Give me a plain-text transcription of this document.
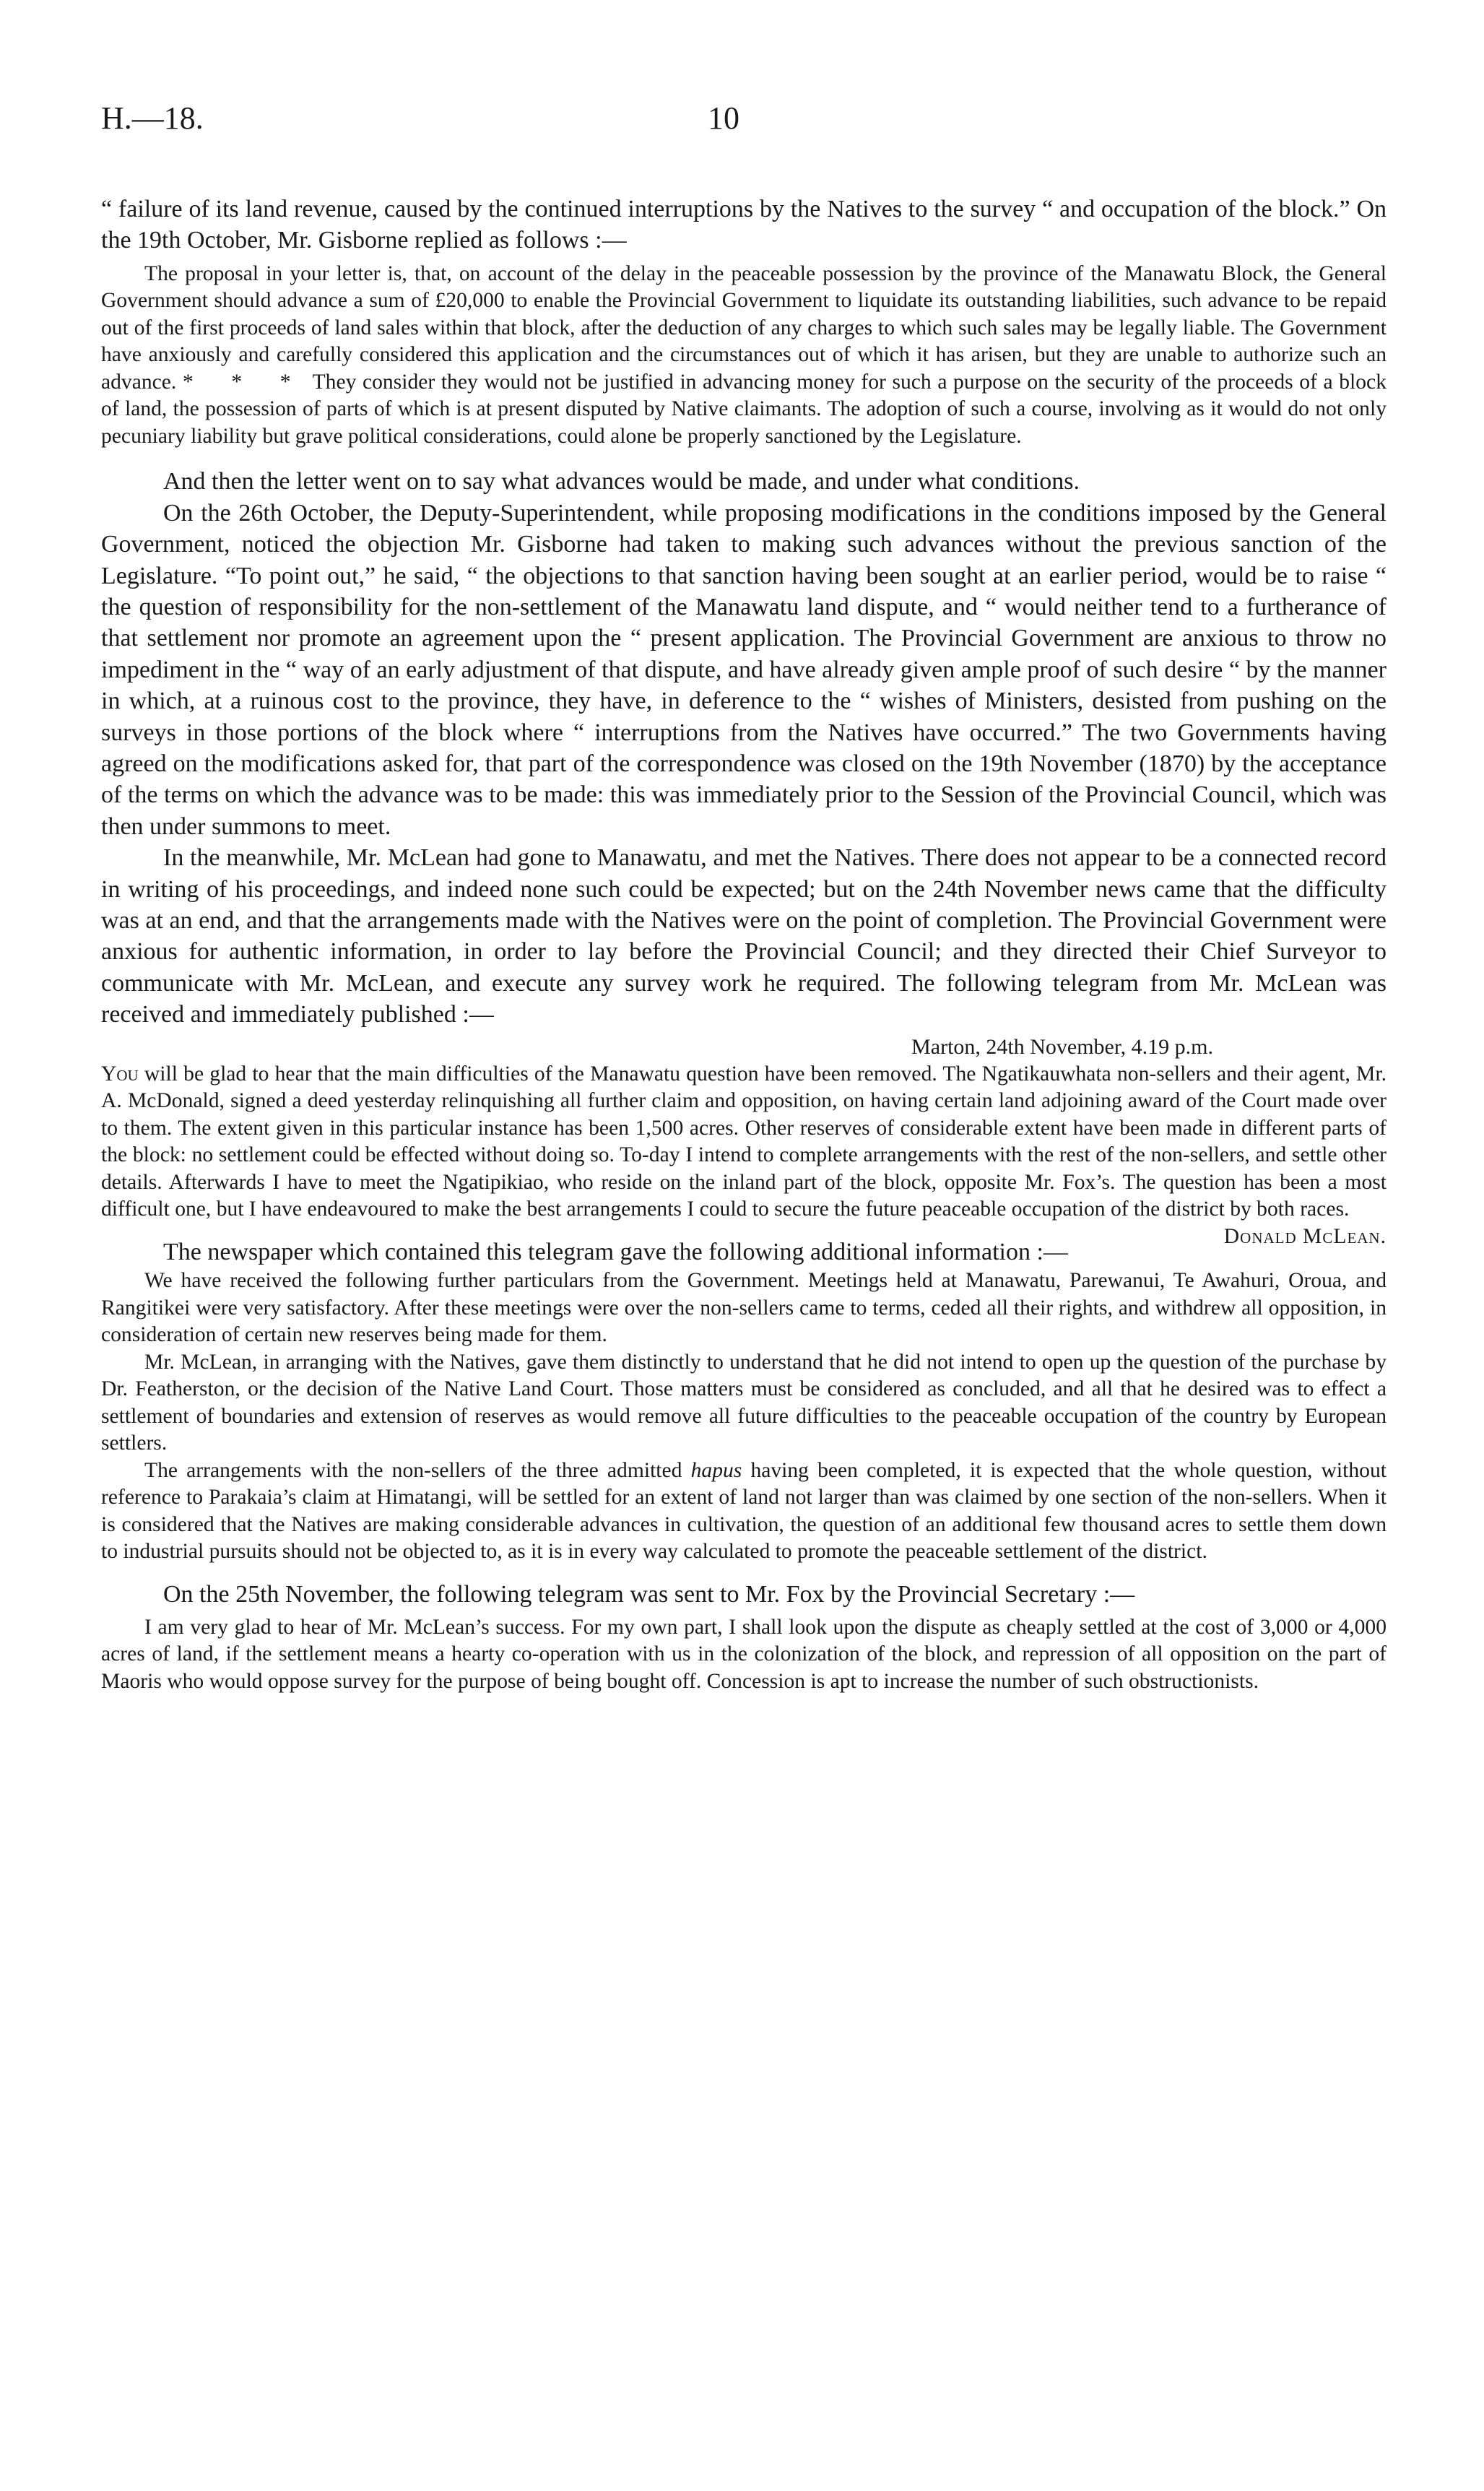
H.—18.	10

“ failure of its land revenue, caused by the continued interruptions by the Natives to the survey “ and occupation of the block.” On the 19th October, Mr. Gisborne replied as follows :—

The proposal in your letter is, that, on account of the delay in the peaceable possession by the province of the Manawatu Block, the General Government should advance a sum of £20,000 to enable the Provincial Government to liquidate its outstanding liabilities, such advance to be repaid out of the first proceeds of land sales within that block, after the deduction of any charges to which such sales may be legally liable. The Government have anxiously and carefully considered this application and the circumstances out of which it has arisen, but they are unable to authorize such an advance. * * * They consider they would not be justified in advancing money for such a purpose on the security of the proceeds of a block of land, the possession of parts of which is at present disputed by Native claimants. The adoption of such a course, involving as it would do not only pecuniary liability but grave political considerations, could alone be properly sanctioned by the Legislature.

And then the letter went on to say what advances would be made, and under what conditions.

On the 26th October, the Deputy-Superintendent, while proposing modifications in the conditions imposed by the General Government, noticed the objection Mr. Gisborne had taken to making such advances without the previous sanction of the Legislature. “To point out,” he said, “ the objections to that sanction having been sought at an earlier period, would be to raise “ the question of responsibility for the non-settlement of the Manawatu land dispute, and “ would neither tend to a furtherance of that settlement nor promote an agreement upon the “ present application. The Provincial Government are anxious to throw no impediment in the “ way of an early adjustment of that dispute, and have already given ample proof of such desire “ by the manner in which, at a ruinous cost to the province, they have, in deference to the “ wishes of Ministers, desisted from pushing on the surveys in those portions of the block where “ interruptions from the Natives have occurred.” The two Governments having agreed on the modifications asked for, that part of the correspondence was closed on the 19th November (1870) by the acceptance of the terms on which the advance was to be made: this was immediately prior to the Session of the Provincial Council, which was then under summons to meet.

In the meanwhile, Mr. McLean had gone to Manawatu, and met the Natives. There does not appear to be a connected record in writing of his proceedings, and indeed none such could be expected; but on the 24th November news came that the difficulty was at an end, and that the arrangements made with the Natives were on the point of completion. The Provincial Government were anxious for authentic information, in order to lay before the Provincial Council; and they directed their Chief Surveyor to communicate with Mr. McLean, and execute any survey work he required. The following telegram from Mr. McLean was received and immediately published :—

Marton, 24th November, 4.19 p.m.

You will be glad to hear that the main difficulties of the Manawatu question have been removed. The Ngatikauwhata non-sellers and their agent, Mr. A. McDonald, signed a deed yesterday relinquishing all further claim and opposition, on having certain land adjoining award of the Court made over to them. The extent given in this particular instance has been 1,500 acres. Other reserves of considerable extent have been made in different parts of the block: no settlement could be effected without doing so. To-day I intend to complete arrangements with the rest of the non-sellers, and settle other details. Afterwards I have to meet the Ngatipikiao, who reside on the inland part of the block, opposite Mr. Fox’s. The question has been a most difficult one, but I have endeavoured to make the best arrangements I could to secure the future peaceable occupation of the district by both races.
Donald McLean.

The newspaper which contained this telegram gave the following additional information :—

We have received the following further particulars from the Government. Meetings held at Manawatu, Parewanui, Te Awahuri, Oroua, and Rangitikei were very satisfactory. After these meetings were over the non-sellers came to terms, ceded all their rights, and withdrew all opposition, in consideration of certain new reserves being made for them.

Mr. McLean, in arranging with the Natives, gave them distinctly to understand that he did not intend to open up the question of the purchase by Dr. Featherston, or the decision of the Native Land Court. Those matters must be considered as concluded, and all that he desired was to effect a settlement of boundaries and extension of reserves as would remove all future difficulties to the peaceable occupation of the country by European settlers.

The arrangements with the non-sellers of the three admitted hapus having been completed, it is expected that the whole question, without reference to Parakaia’s claim at Himatangi, will be settled for an extent of land not larger than was claimed by one section of the non-sellers. When it is considered that the Natives are making considerable advances in cultivation, the question of an additional few thousand acres to settle them down to industrial pursuits should not be objected to, as it is in every way calculated to promote the peaceable settlement of the district.

On the 25th November, the following telegram was sent to Mr. Fox by the Provincial Secretary :—

I am very glad to hear of Mr. McLean’s success. For my own part, I shall look upon the dispute as cheaply settled at the cost of 3,000 or 4,000 acres of land, if the settlement means a hearty co-operation with us in the colonization of the block, and repression of all opposition on the part of Maoris who would oppose survey for the purpose of being bought off. Concession is apt to increase the number of such obstructionists.
